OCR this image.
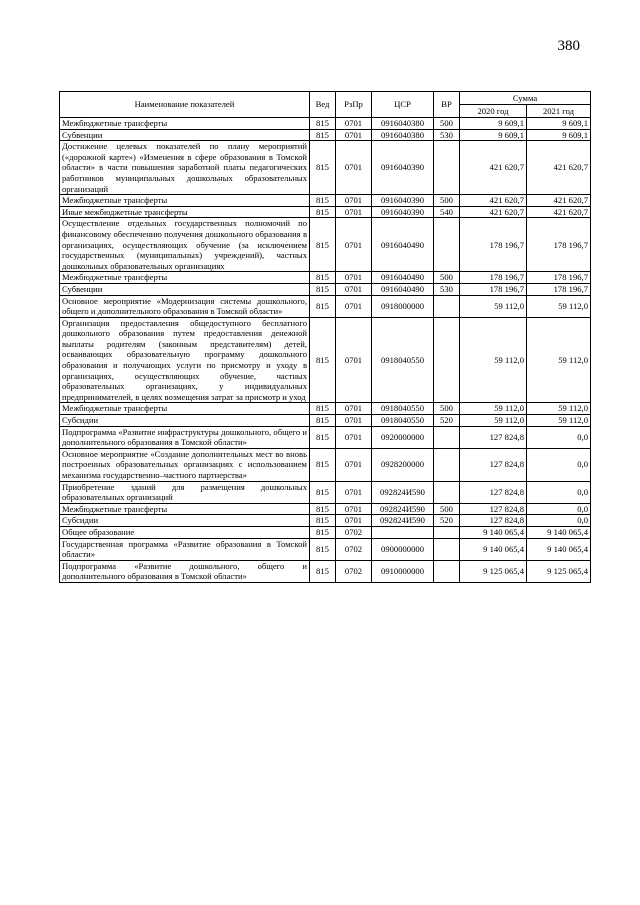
380
Наименование показателей	Вед	РзПр	ЦСР	ВР	Сумма	
					2020 год	2021 год
Межбюджетные трансферты	815	0701	0916040380	500	9 609,1	9 609,1
Субвенции	815	0701	0916040380	530	9 609,1	9 609,1
Достижение целевых показателей по плану мероприятий («дорожной карте») «Изменения в сфере образования в Томской области» в части повышения заработной платы педагогических работников муниципальных дошкольных образовательных организаций	815	0701	0916040390		421 620,7	421 620,7
Межбюджетные трансферты	815	0701	0916040390	500	421 620,7	421 620,7
Иные межбюджетные трансферты	815	0701	0916040390	540	421 620,7	421 620,7
Осуществление отдельных государственных полномочий по финансовому обеспечению получения дошкольного образования в организациях, осуществляющих обучение (за исключением государственных (муниципальных) учреждений), частных дошкольных образовательных организациях	815	0701	0916040490		178 196,7	178 196,7
Межбюджетные трансферты	815	0701	0916040490	500	178 196,7	178 196,7
Субвенции	815	0701	0916040490	530	178 196,7	178 196,7
Основное мероприятие «Модернизация системы дошкольного, общего и дополнительного образования в Томской области»	815	0701	0918000000		59 112,0	59 112,0
Организация предоставления общедоступного бесплатного дошкольного образования путем предоставления денежной выплаты родителям (законным представителям) детей, осваивающих образовательную программу дошкольного образования и получающих услуги по присмотру и уходу в организациях, осуществляющих обучение, частных образовательных организациях, у индивидуальных предпринимателей, в целях возмещения затрат за присмотр и уход	815	0701	0918040550		59 112,0	59 112,0
Межбюджетные трансферты	815	0701	0918040550	500	59 112,0	59 112,0
Субсидии	815	0701	0918040550	520	59 112,0	59 112,0
Подпрограмма «Развитие инфраструктуры дошкольного, общего и дополнительного образования в Томской области»	815	0701	0920000000		127 824,8	0,0
Основное мероприятие «Создание дополнительных мест во вновь построенных образовательных организациях с использованием механизма государственно–частного партнерства»	815	0701	0928200000		127 824,8	0,0
Приобретение зданий для размещения дошкольных образовательных организаций	815	0701	092824И590		127 824,8	0,0
Межбюджетные трансферты	815	0701	092824И590	500	127 824,8	0,0
Субсидии	815	0701	092824И590	520	127 824,8	0,0
Общее образование	815	0702			9 140 065,4	9 140 065,4
Государственная программа «Развитие образования в Томской области»	815	0702	0900000000		9 140 065,4	9 140 065,4
Подпрограмма «Развитие дошкольного, общего и дополнительного образования в Томской области»	815	0702	0910000000		9 125 065,4	9 125 065,4
